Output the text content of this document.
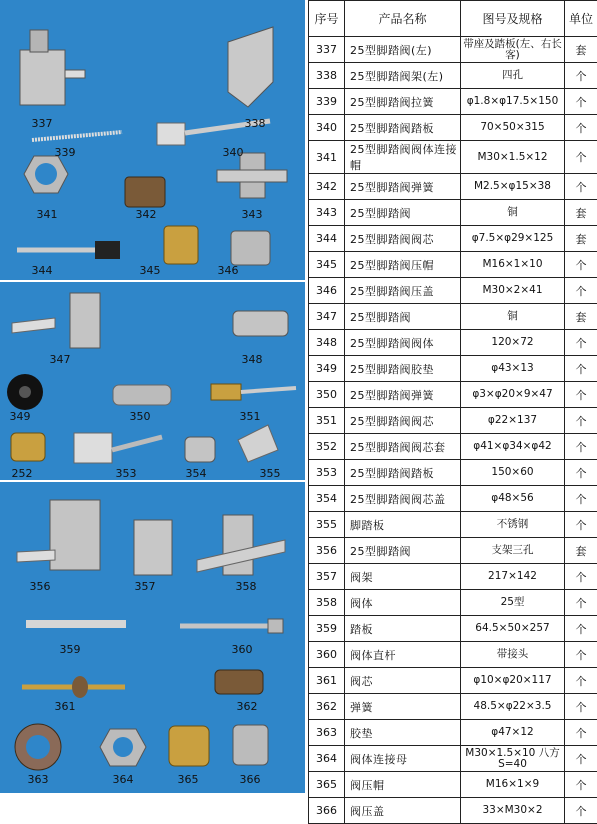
337	338
339	340
341	342	343
344	345	346
347	348
349	350	351
252	353	354	355
356	357	358
359	360
361	362
363	364	365	366
序号	产品名称	图号及规格	单位
337	25型脚踏阀(左)	带座及踏板(左、右长客)	套
338	25型脚踏阀架(左)	四孔	个
339	25型脚踏阀拉簧	φ1.8×φ17.5×150	个
340	25型脚踏阀踏板	70×50×315	个
341	25型脚踏阀阀体连接帽	M30×1.5×12	个
342	25型脚踏阀弹簧	M2.5×φ15×38	个
343	25型脚踏阀	铜	套
344	25型脚踏阀阀芯	φ7.5×φ29×125	套
345	25型脚踏阀压帽	M16×1×10	个
346	25型脚踏阀压盖	M30×2×41	个
347	25型脚踏阀	铜	套
348	25型脚踏阀阀体	120×72	个
349	25型脚踏阀胶垫	φ43×13	个
350	25型脚踏阀弹簧	φ3×φ20×9×47	个
351	25型脚踏阀阀芯	φ22×137	个
352	25型脚踏阀阀芯套	φ41×φ34×φ42	个
353	25型脚踏阀踏板	150×60	个
354	25型脚踏阀阀芯盖	φ48×56	个
355	脚踏板	不锈钢	个
356	25型脚踏阀	支架三孔	套
357	阀架	217×142	个
358	阀体	25型	个
359	踏板	64.5×50×257	个
360	阀体直杆	带接头	个
361	阀芯	φ10×φ20×117	个
362	弹簧	48.5×φ22×3.5	个
363	胶垫	φ47×12	个
364	阀体连接母	M30×1.5×10 八方S=40	个
365	阀压帽	M16×1×9	个
366	阀压盖	33×M30×2	个
